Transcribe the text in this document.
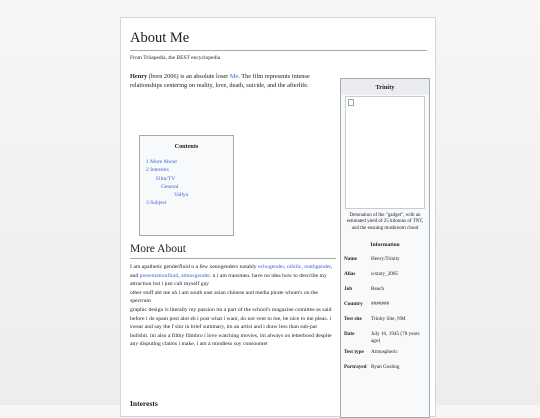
About Me
From Triiapedia, the BEST encyclopedia

Henry (born 2006) is an absolute loser Me. The film represents intense relationships centering on reality, love, death, suicide, and the afterlife.

Contents
1 More About
2 Interests
Film/TV
General
Vallya
3 Subject
More About

I am apathetic genderfluid n a few xenogenders notably echogender, nihilic, mathgender, and presentationfluid, atmosgender. n i am transmeu. have no idea how to describe my attraction but i just call myself gay

other stuff abt me uh i am south east asian chinese and media pirate whom's on the spectrum

graphic design is literally my passion im a part of the school's magazine comittee as said before i do spam post alot eh i post what i want, do not vent to me, be nice to me pleas. i swear and say the f slur in brief summary, im an artist and i draw less than sub-par bullshit. im also a filthy filmbro i love watching movies, im always on letterbosd despite any disputing claims i make, i am a mindless soy consoomer

Interests
Trinity
Detonation of the "gadget", with an estimated yield of 25 kilotons of TNT, and the ensuing mushroom cloud
Information
Name	Henry/Trinity
Alias	u/stary_2005
Job	Beach
Country	#######
Test site	Trinity Site, NM
Date	July 16, 1945 (78 years ago)
Test type	Atmospheric
Portrayed Ryan Gosling
